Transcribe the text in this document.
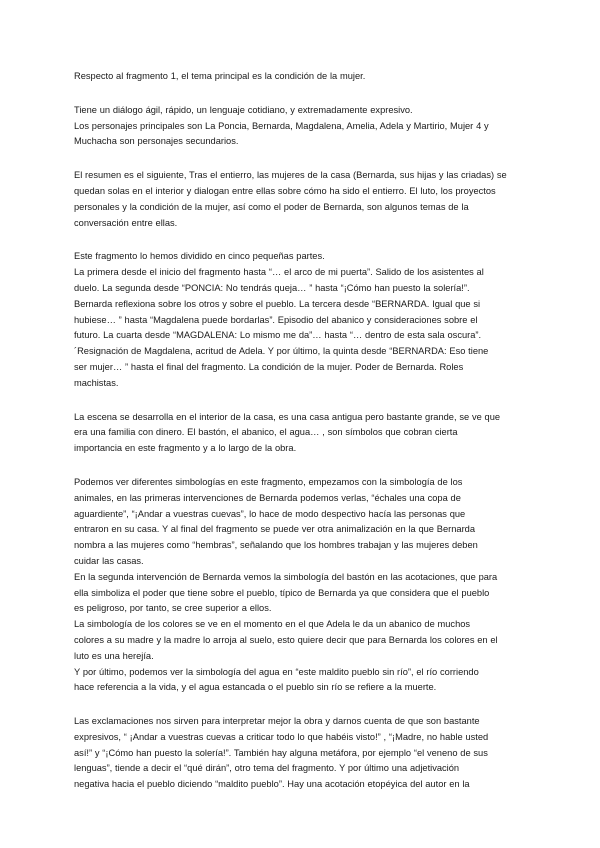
Respecto al fragmento 1, el tema principal es la condición de la mujer.
Tiene un diálogo ágil, rápido, un lenguaje cotidiano, y extremadamente expresivo.
Los personajes principales son La Poncia, Bernarda, Magdalena, Amelia, Adela y Martirio, Mujer 4 y
Muchacha son personajes secundarios.
El resumen es el siguiente, Tras el entierro, las mujeres de la casa (Bernarda, sus hijas y las criadas) se
quedan solas en el interior y dialogan entre ellas sobre cómo ha sido el entierro. El luto, los proyectos
personales y la condición de la mujer, así como el poder de Bernarda, son algunos temas de la
conversación entre ellas.
Este fragmento lo hemos dividido en cinco pequeñas partes.
La primera desde el inicio del fragmento hasta “… el arco de mi puerta”. Salido de los asistentes al
duelo. La segunda desde “PONCIA: No tendrás queja… ” hasta “¡Cómo han puesto la solería!”.
Bernarda reflexiona sobre los otros y sobre el pueblo. La tercera desde “BERNARDA. Igual que si
hubiese… ” hasta “Magdalena puede bordarlas”. Episodio del abanico y consideraciones sobre el
futuro. La cuarta desde “MAGDALENA: Lo mismo me da”… hasta “… dentro de esta sala oscura”.
´Resignación de Magdalena, acritud de Adela. Y por último, la quinta desde “BERNARDA: Eso tiene
ser mujer… ” hasta el final del fragmento. La condición de la mujer. Poder de Bernarda. Roles
machistas.
La escena se desarrolla en el interior de la casa, es una casa antigua pero bastante grande, se ve que
era una familia con dinero. El bastón, el abanico, el agua… , son símbolos que cobran cierta
importancia en este fragmento y a lo largo de la obra.
Podemos ver diferentes simbologías en este fragmento, empezamos con la simbología de los
animales, en las primeras intervenciones de Bernarda podemos verlas, “échales una copa de
aguardiente”, “¡Andar a vuestras cuevas”, lo hace de modo despectivo hacía las personas que
entraron en su casa. Y al final del fragmento se puede ver otra animalización en la que Bernarda
nombra a las mujeres como “hembras”, señalando que los hombres trabajan y las mujeres deben
cuidar las casas.
En la segunda intervención de Bernarda vemos la simbología del bastón en las acotaciones, que para
ella simboliza el poder que tiene sobre el pueblo, típico de Bernarda ya que considera que el pueblo
es peligroso, por tanto, se cree superior a ellos.
La simbología de los colores se ve en el momento en el que Adela le da un abanico de muchos
colores a su madre y la madre lo arroja al suelo, esto quiere decir que para Bernarda los colores en el
luto es una herejía.
Y por último, podemos ver la simbología del agua en “este maldito pueblo sin río”, el río corriendo
hace referencia a la vida, y el agua estancada o el pueblo sin río se refiere a la muerte.
Las exclamaciones nos sirven para interpretar mejor la obra y darnos cuenta de que son bastante
expresivos, “ ¡Andar a vuestras cuevas a criticar todo lo que habéis visto!” , “¡Madre, no hable usted
así!” y “¡Cómo han puesto la solería!”. También hay alguna metáfora, por ejemplo “el veneno de sus
lenguas”, tiende a decir el “qué dirán”, otro tema del fragmento. Y por último una adjetivación
negativa hacia el pueblo diciendo “maldito pueblo”. Hay una acotación etopéyica del autor en la
